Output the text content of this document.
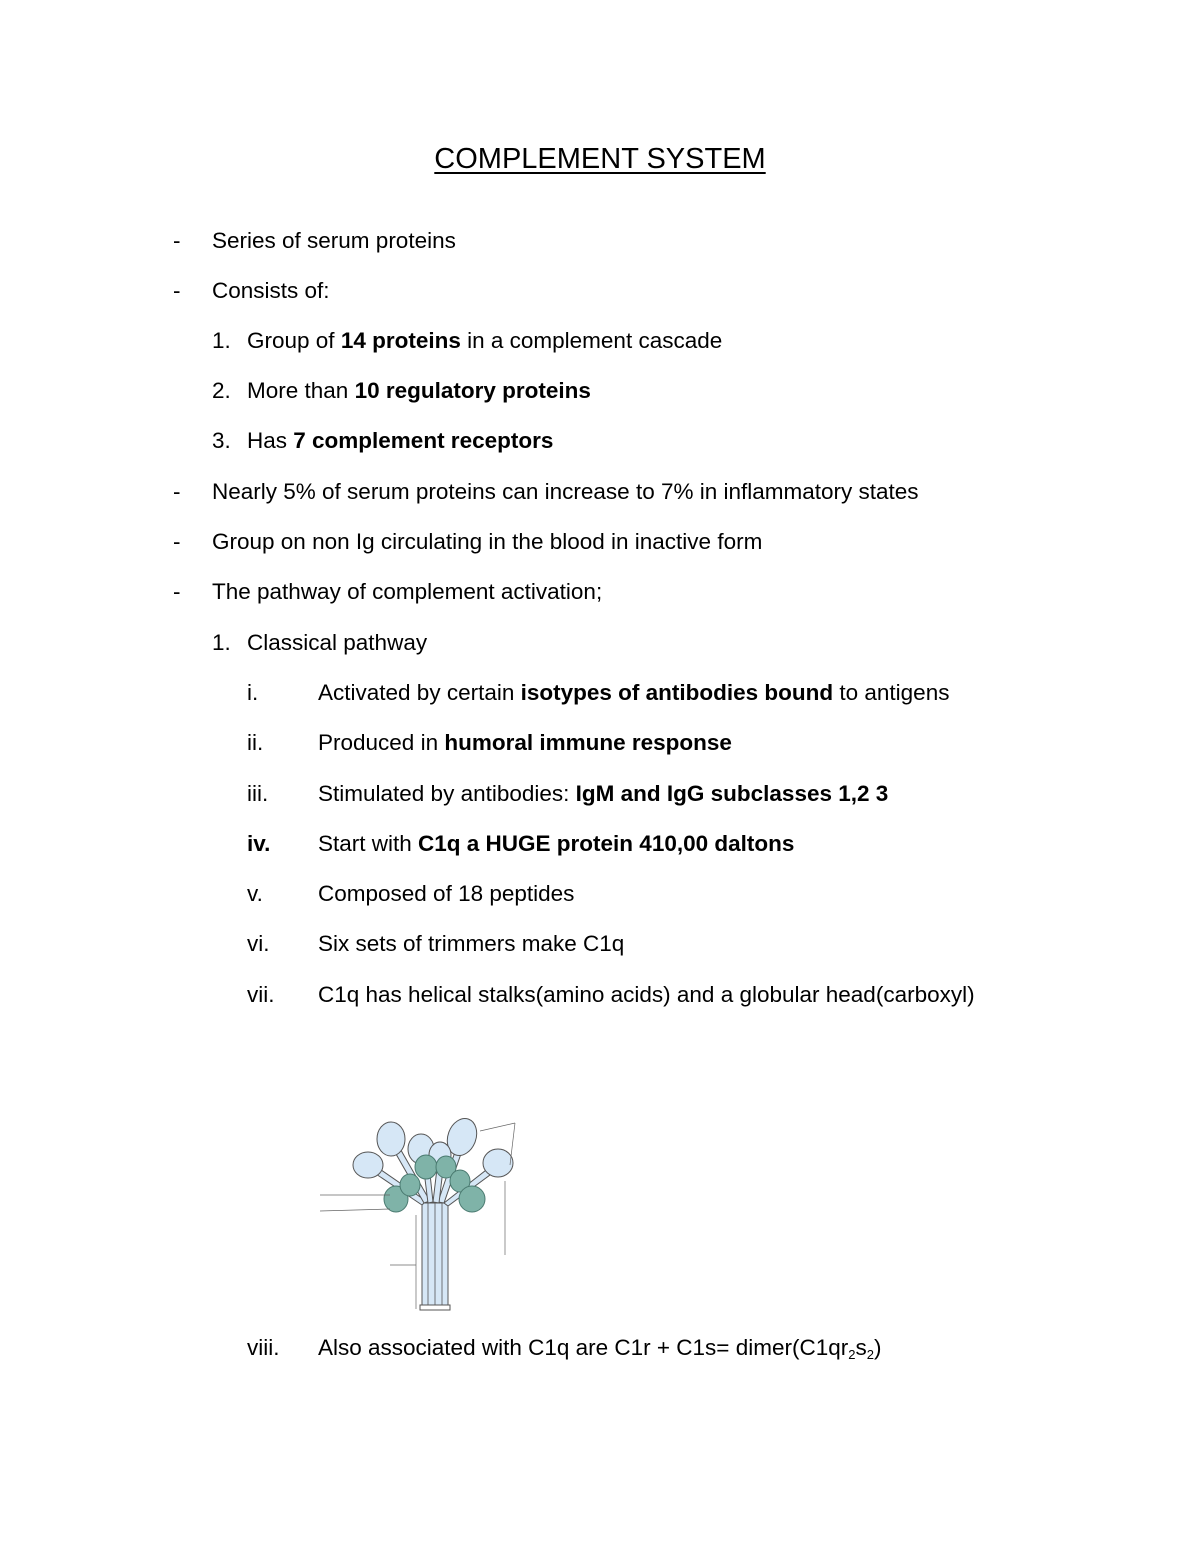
COMPLEMENT SYSTEM
-	Series of serum proteins
-	Consists of:
1. Group of 14 proteins in a complement cascade
2. More than 10 regulatory proteins
3. Has 7 complement receptors
-	Nearly 5% of serum proteins can increase to 7% in inflammatory states
-	Group on non Ig circulating in the blood in inactive form
-	The pathway of complement activation;
1. Classical pathway
i.	Activated by certain isotypes of antibodies bound to antigens
ii. Produced in humoral immune response
iii. Stimulated by antibodies: IgM and IgG subclasses 1,2 3
iv. Start with C1q a HUGE protein 410,00 daltons
v. Composed of 18 peptides
vi. Six sets of trimmers make C1q
vii. C1q has helical stalks(amino acids) and a globular head(carboxyl)
viii. Also associated with C1q are $C1r + C1s= dimer(C1qr_2s_2)$
